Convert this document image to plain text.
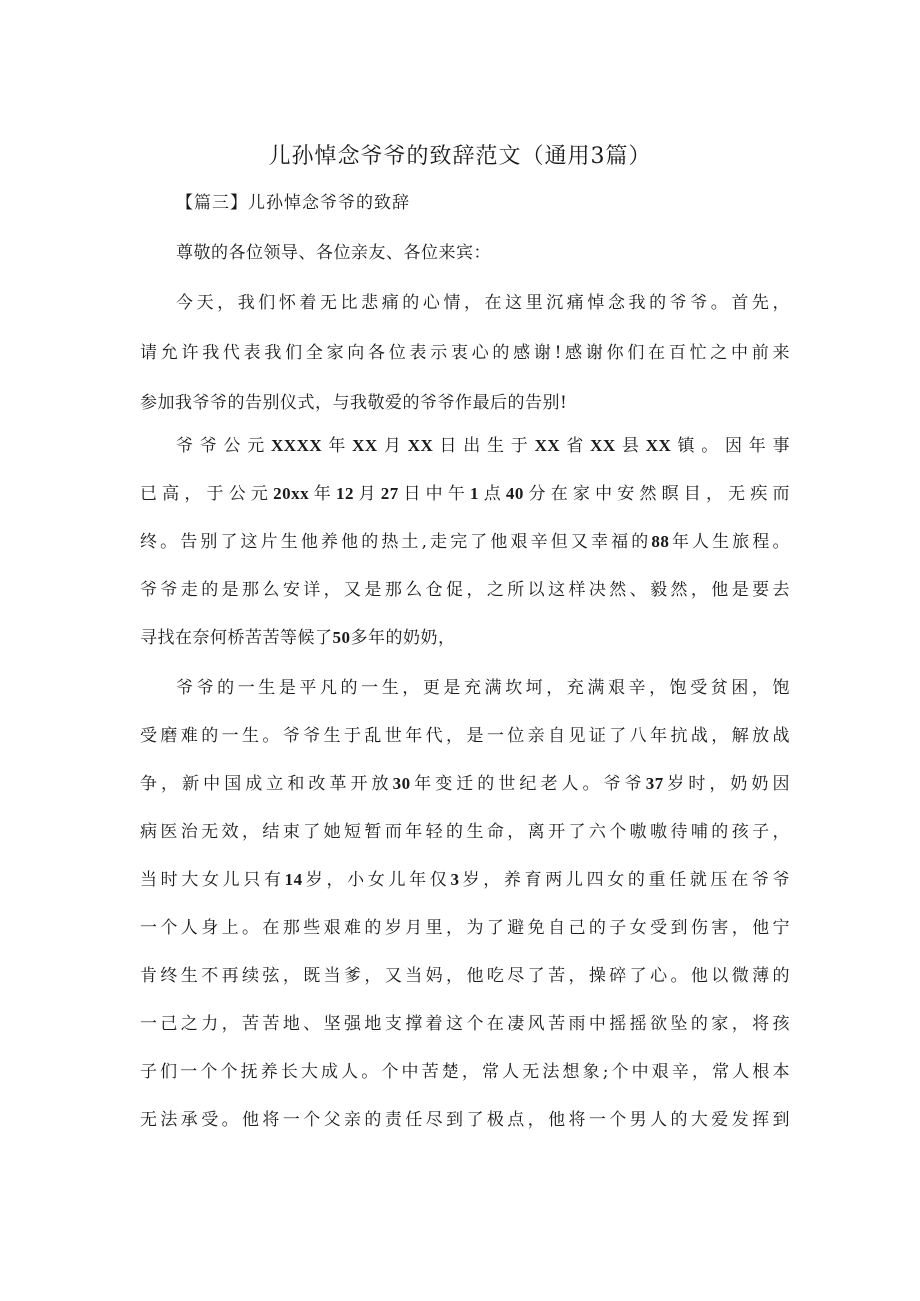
儿孙悼念爷爷的致辞范文（通用3篇）
【篇三】儿孙悼念爷爷的致辞
尊敬的各位领导、各位亲友、各位来宾：
今天，我们怀着无比悲痛的心情，在这里沉痛悼念我的爷爷。首先，
请允许我代表我们全家向各位表示衷心的感谢!感谢你们在百忙之中前来
参加我爷爷的告别仪式，与我敬爱的爷爷作最后的告别!
爷爷公元XXXX年XX月XX日出生于XX省XX县XX镇。因年事
已高，于公元20xx年12月27日中午1点40分在家中安然瞑目，无疾而
终。告别了这片生他养他的热土,走完了他艰辛但又幸福的88年人生旅程。
爷爷走的是那么安详，又是那么仓促，之所以这样决然、毅然，他是要去
寻找在奈何桥苦苦等候了50多年的奶奶，
爷爷的一生是平凡的一生，更是充满坎坷，充满艰辛，饱受贫困，饱
受磨难的一生。爷爷生于乱世年代，是一位亲自见证了八年抗战，解放战
争，新中国成立和改革开放30年变迁的世纪老人。爷爷37岁时，奶奶因
病医治无效，结束了她短暂而年轻的生命，离开了六个嗷嗷待哺的孩子，
当时大女儿只有14岁，小女儿年仅3岁，养育两儿四女的重任就压在爷爷
一个人身上。在那些艰难的岁月里，为了避免自己的子女受到伤害，他宁
肯终生不再续弦，既当爹，又当妈，他吃尽了苦，操碎了心。他以微薄的
一己之力，苦苦地、坚强地支撑着这个在凄风苦雨中摇摇欲坠的家，将孩
子们一个个抚养长大成人。个中苦楚，常人无法想象;个中艰辛，常人根本
无法承受。他将一个父亲的责任尽到了极点，他将一个男人的大爱发挥到
